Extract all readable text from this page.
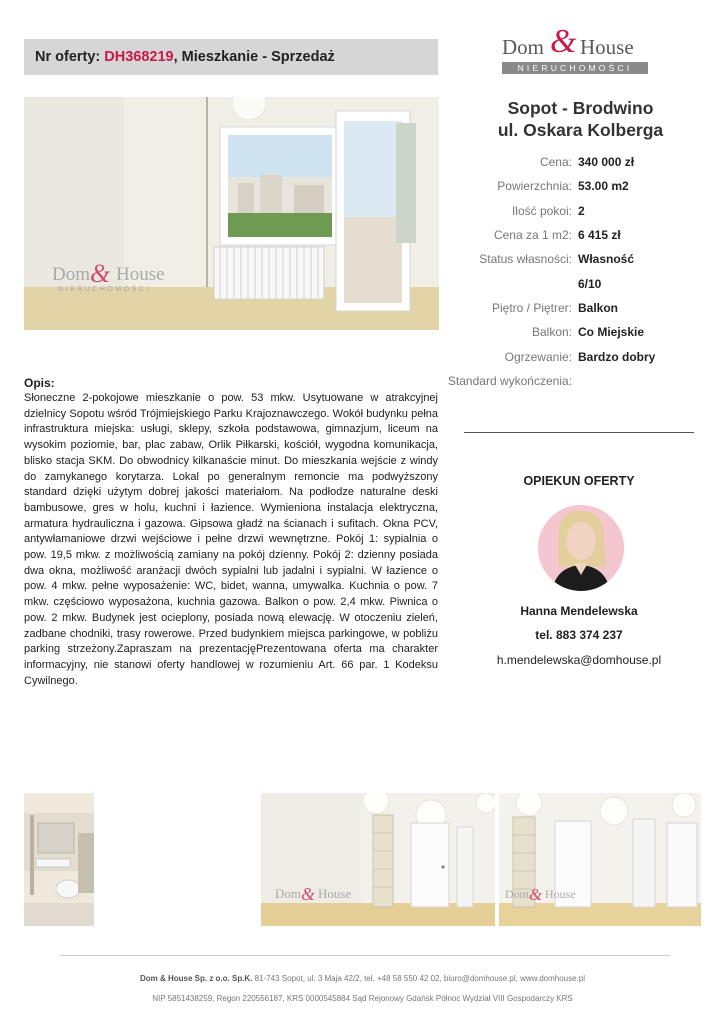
Nr oferty: DH368219 , Mieszkanie - Sprzedaż	Dom & House
NIERUCHOMOŚCI
Dom & House
NIERUCHOMOŚCI
Sopot - Brodwino
ul. Oskara Kolberga
Cena: 340 000 zł
Powierzchnia: 53.00 m2
Ilość pokoi: 2
Cena za 1 m2: 6 415 zł
Status własności: Własność
6/10
Piętro / Piętrer: Balkon
Balkon: Co Miejskie
Ogrzewanie: Bardzo dobry
Standard wykończenia:
Opis:
Słoneczne 2-pokojowe mieszkanie o pow. 53 mkw. Usytuowane w atrakcyjnej dzielnicy Sopotu wśród Trójmiejskiego Parku Krajoznawczego. Wokół budynku pełna infrastruktura miejska: usługi, sklepy, szkoła podstawowa, gimnazjum, liceum na wysokim poziomie, bar, plac zabaw, Orlik Piłkarski, kościół, wygodna komunikacja, blisko stacja SKM. Do obwodnicy kilkanaście minut. Do mieszkania wejście z windy do zamykanego korytarza. Lokal po generalnym remoncie ma podwyższony standard dzięki użytym dobrej jakości materiałom. Na podłodze naturalne deski bambusowe, gres w holu, kuchni i łazience. Wymieniona instalacja elektryczna, armatura hydrauliczna i gazowa. Gipsowa gładź na ścianach i sufitach. Okna PCV, antywłamaniowe drzwi wejściowe i pełne drzwi wewnętrzne. Pokój 1: sypialnia o pow. 19,5 mkw. z możliwością zamiany na pokój dzienny. Pokój 2: dzienny posiada dwa okna, możliwość aranżacji dwóch sypialni lub jadalni i sypialni. W łazience o pow. 4 mkw. pełne wyposażenie: WC, bidet, wanna, umywalka. Kuchnia o pow. 7 mkw. częściowo wyposażona, kuchnia gazowa. Balkon o pow. 2,4 mkw. Piwnica o pow. 2 mkw. Budynek jest ocieplony, posiada nową elewację. W otoczeniu zieleń, zadbane chodniki, trasy rowerowe. Przed budynkiem miejsca parkingowe, w pobliżu parking strzeżony.Zapraszam na prezentacjęPrezentowana oferta ma charakter informacyjny, nie stanowi oferty handlowej w rozumieniu Art. 66 par. 1 Kodeksu Cywilnego.
OPIEKUN OFERTY
Hanna Mendelewska
tel. 883 374 237
h.mendelewska@domhouse.pl
Dom & House	Dom & House
Dom & House Sp. z o.o. Sp.K. 81-743 Sopot, ul. 3 Maja 42/2, tel. +48 58 550 42 02, biuro@domhouse.pl, www.domhouse.pl
NIP 5851438259, Regon 220556187, KRS 0000545884 Sąd Rejonowy Gdańsk Północ Wydział VIII Gospodarczy KRS
